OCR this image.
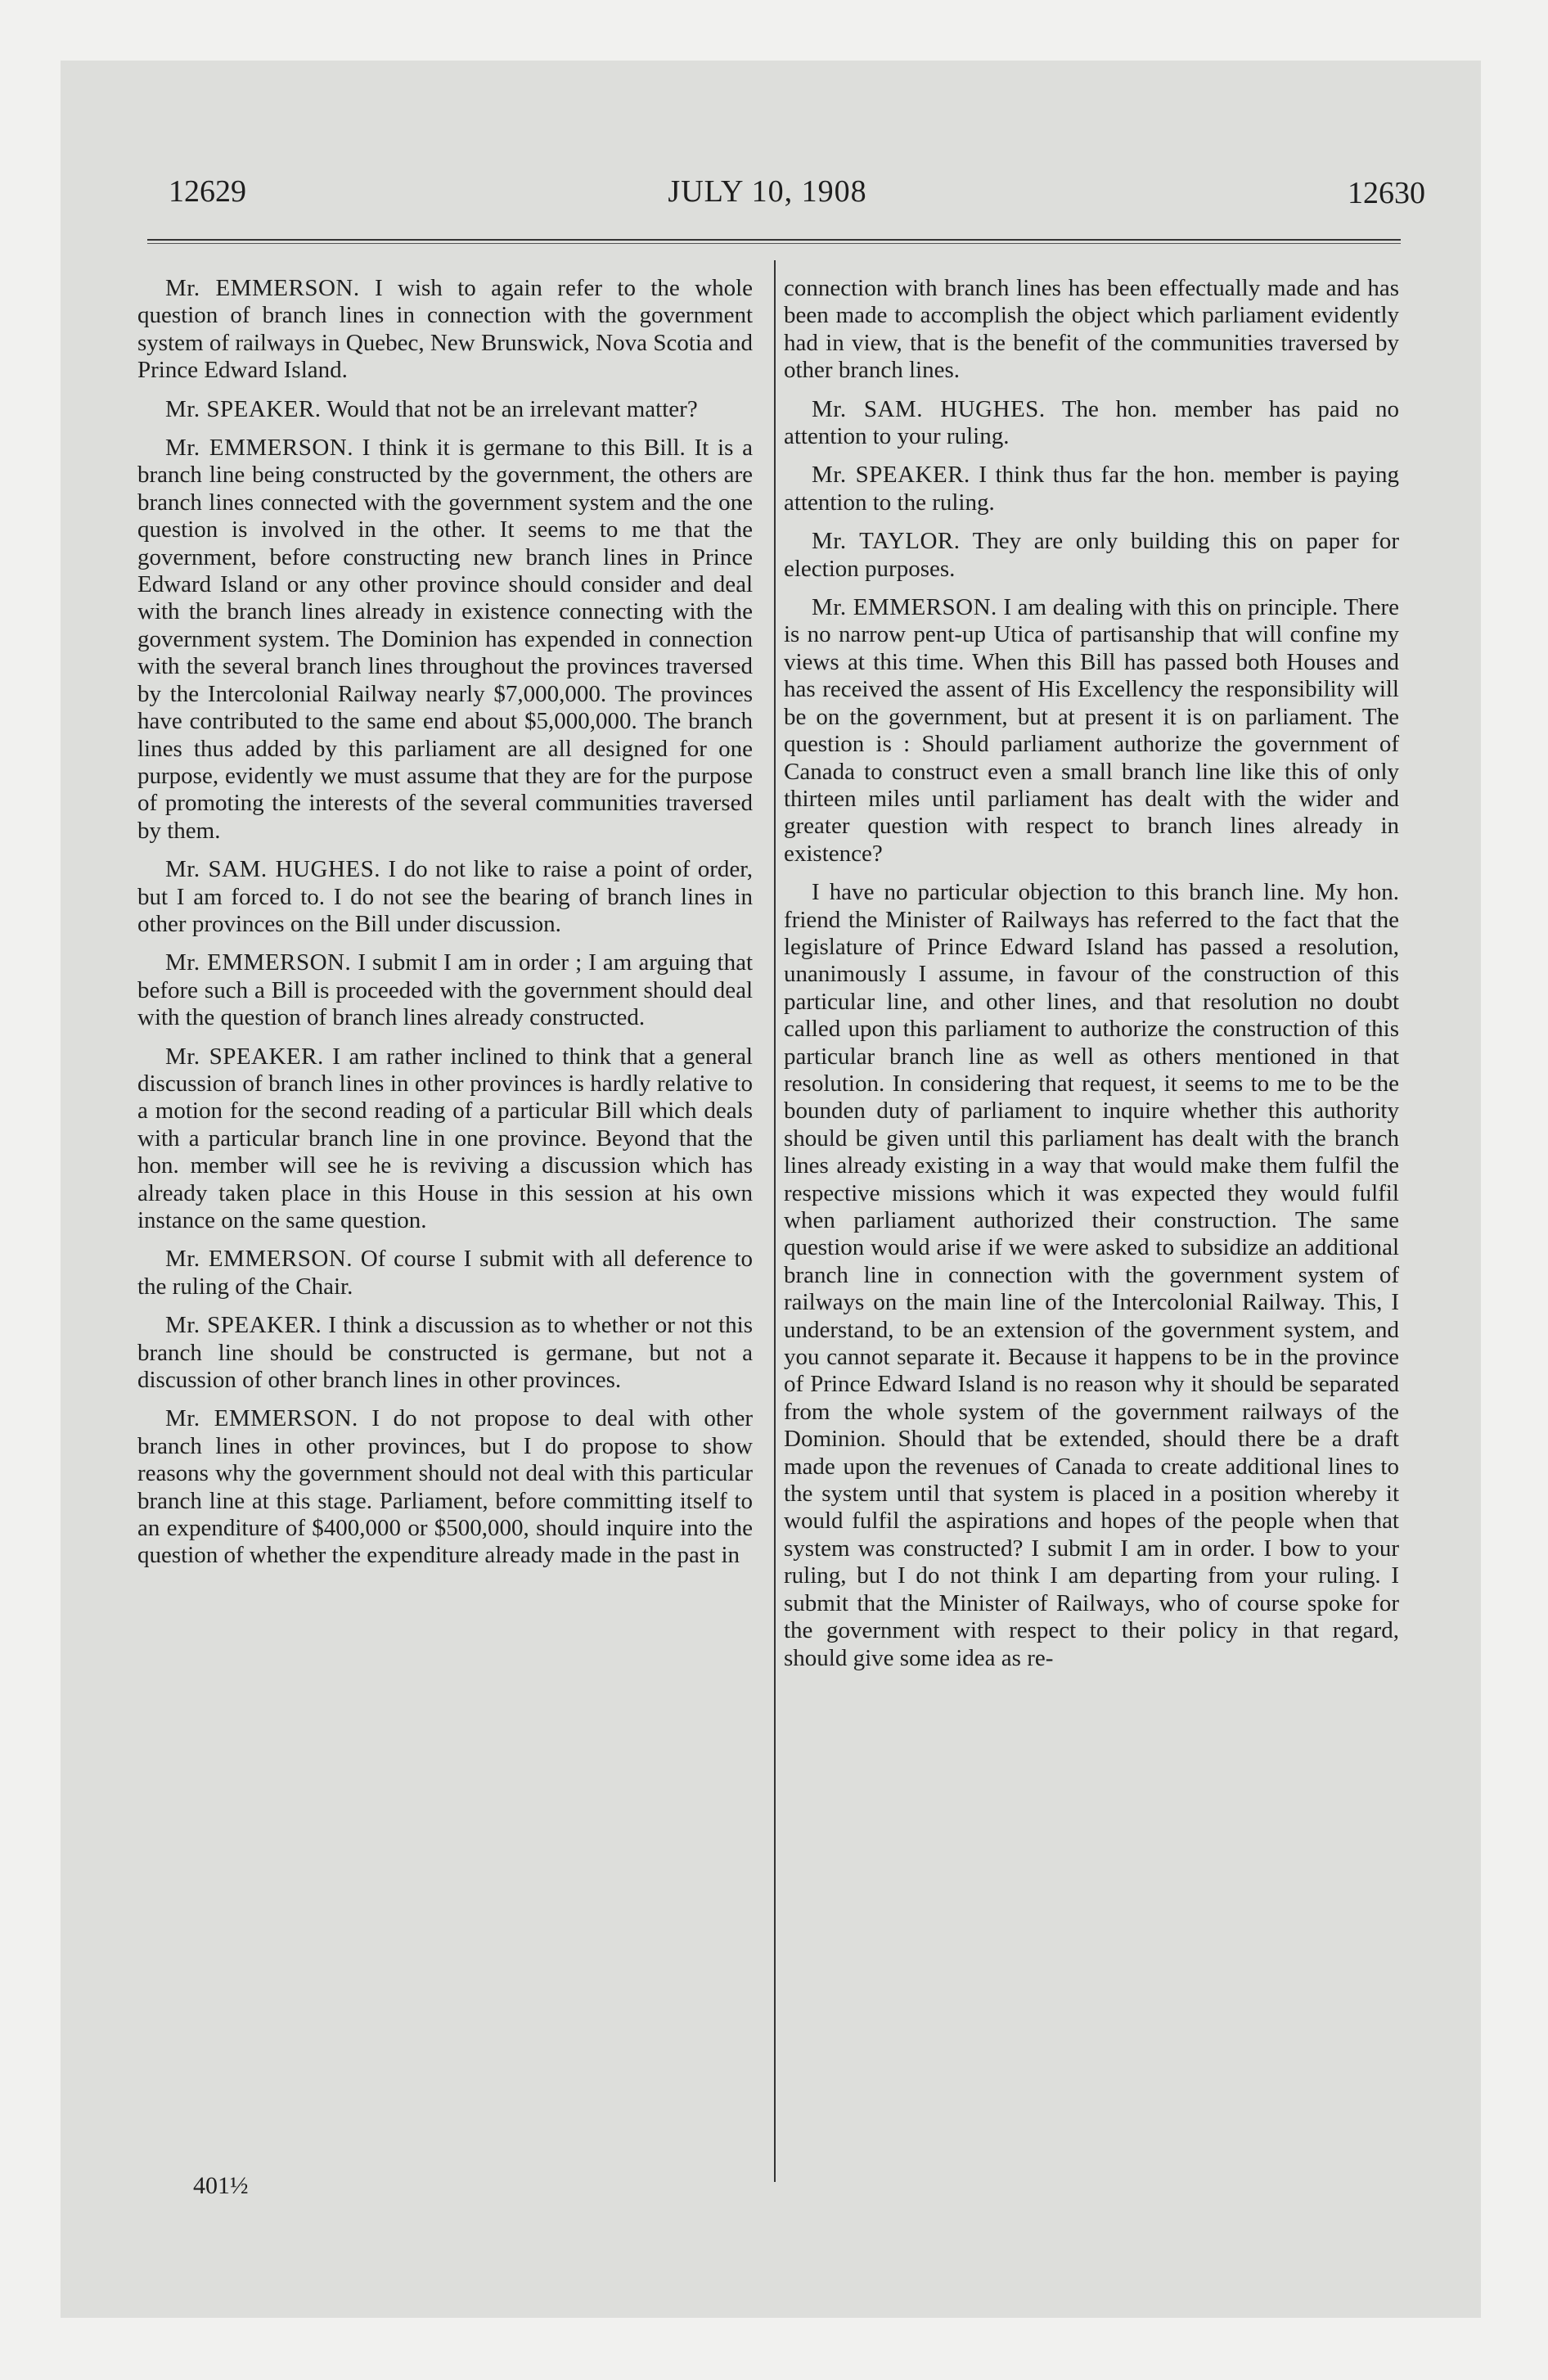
12629	JULY 10, 1908	12630

Mr. EMMERSON. I wish to again refer to the whole question of branch lines in connection with the government system of railways in Quebec, New Brunswick, Nova Scotia and Prince Edward Island.

Mr. SPEAKER. Would that not be an irrelevant matter?

Mr. EMMERSON. I think it is germane to this Bill. It is a branch line being constructed by the government, the others are branch lines connected with the government system and the one question is involved in the other. It seems to me that the government, before constructing new branch lines in Prince Edward Island or any other province should consider and deal with the branch lines already in existence connecting with the government system. The Dominion has expended in connection with the several branch lines throughout the provinces traversed by the Intercolonial Railway nearly $7,000,000. The provinces have contributed to the same end about $5,000,000. The branch lines thus added by this parliament are all designed for one purpose, evidently we must assume that they are for the purpose of promoting the interests of the several communities traversed by them.

Mr. SAM. HUGHES. I do not like to raise a point of order, but I am forced to. I do not see the bearing of branch lines in other provinces on the Bill under discussion.

Mr. EMMERSON. I submit I am in order ; I am arguing that before such a Bill is proceeded with the government should deal with the question of branch lines already constructed.

Mr. SPEAKER. I am rather inclined to think that a general discussion of branch lines in other provinces is hardly relative to a motion for the second reading of a particular Bill which deals with a particular branch line in one province. Beyond that the hon. member will see he is reviving a discussion which has already taken place in this House in this session at his own instance on the same question.

Mr. EMMERSON. Of course I submit with all deference to the ruling of the Chair.

Mr. SPEAKER. I think a discussion as to whether or not this branch line should be constructed is germane, but not a discussion of other branch lines in other provinces.

Mr. EMMERSON. I do not propose to deal with other branch lines in other provinces, but I do propose to show reasons why the government should not deal with this particular branch line at this stage. Parliament, before committing itself to an expenditure of $400,000 or $500,000, should inquire into the question of whether the expenditure already made in the past in

connection with branch lines has been effectually made and has been made to accomplish the object which parliament evidently had in view, that is the benefit of the communities traversed by other branch lines.

Mr. SAM. HUGHES. The hon. member has paid no attention to your ruling.

Mr. SPEAKER. I think thus far the hon. member is paying attention to the ruling.

Mr. TAYLOR. They are only building this on paper for election purposes.

Mr. EMMERSON. I am dealing with this on principle. There is no narrow pent-up Utica of partisanship that will confine my views at this time. When this Bill has passed both Houses and has received the assent of His Excellency the responsibility will be on the government, but at present it is on parliament. The question is : Should parliament authorize the government of Canada to construct even a small branch line like this of only thirteen miles until parliament has dealt with the wider and greater question with respect to branch lines already in existence?

I have no particular objection to this branch line. My hon. friend the Minister of Railways has referred to the fact that the legislature of Prince Edward Island has passed a resolution, unanimously I assume, in favour of the construction of this particular line, and other lines, and that resolution no doubt called upon this parliament to authorize the construction of this particular branch line as well as others mentioned in that resolution. In considering that request, it seems to me to be the bounden duty of parliament to inquire whether this authority should be given until this parliament has dealt with the branch lines already existing in a way that would make them fulfil the respective missions which it was expected they would fulfil when parliament authorized their construction. The same question would arise if we were asked to subsidize an additional branch line in connection with the government system of railways on the main line of the Intercolonial Railway. This, I understand, to be an extension of the government system, and you cannot separate it. Because it happens to be in the province of Prince Edward Island is no reason why it should be separated from the whole system of the government railways of the Dominion. Should that be extended, should there be a draft made upon the revenues of Canada to create additional lines to the system until that system is placed in a position whereby it would fulfil the aspirations and hopes of the people when that system was constructed? I submit I am in order. I bow to your ruling, but I do not think I am departing from your ruling. I submit that the Minister of Railways, who of course spoke for the government with respect to their policy in that regard, should give some idea as re-

401½
